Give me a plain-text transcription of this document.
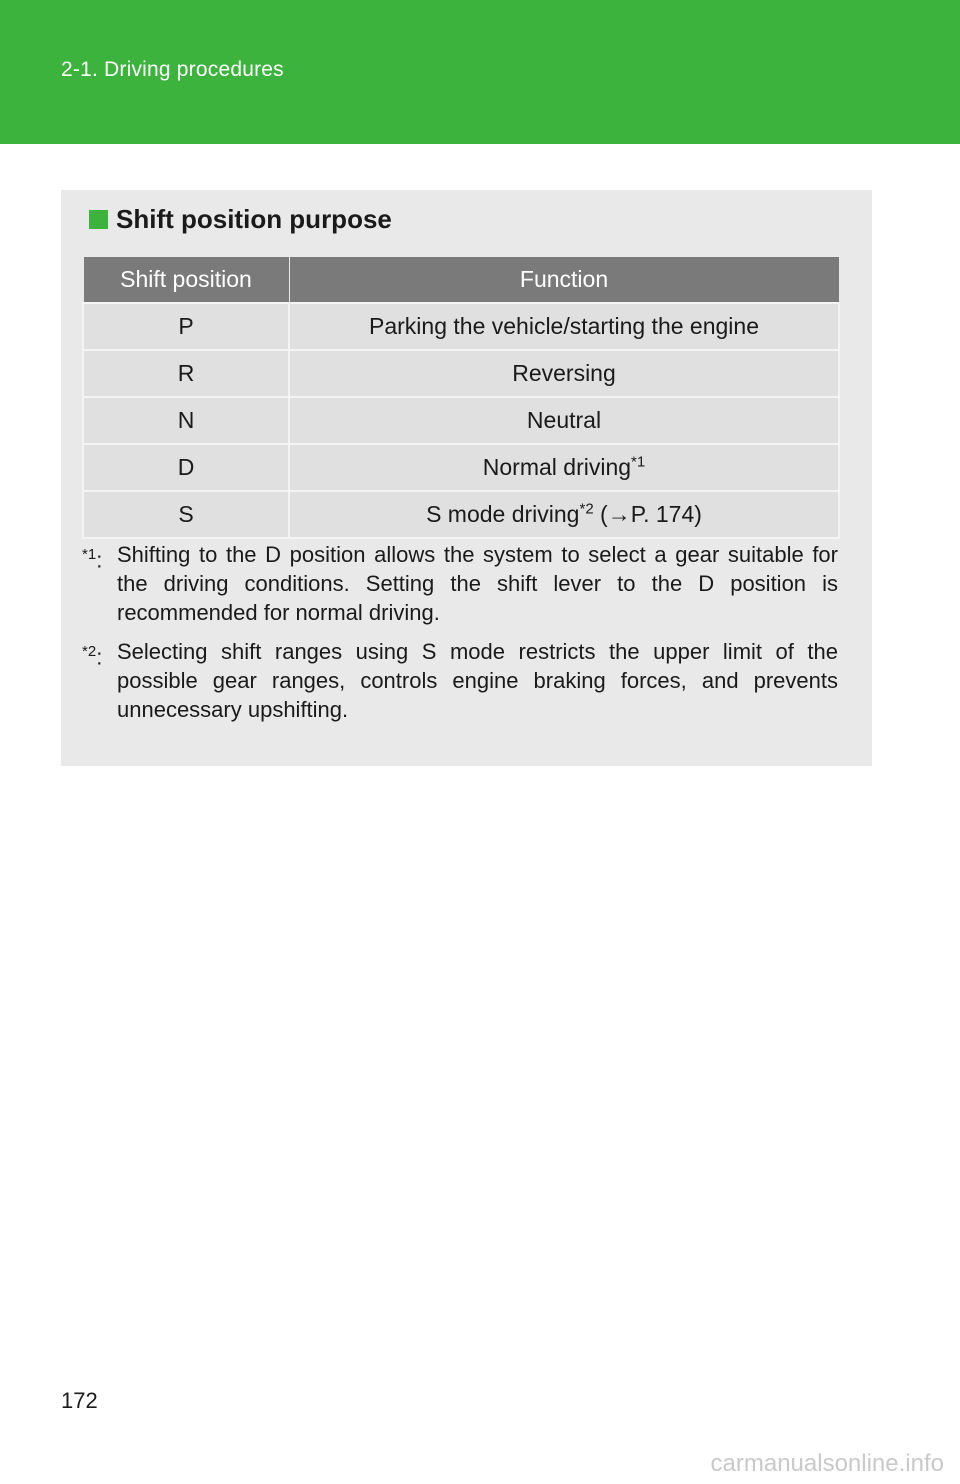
2-1. Driving procedures
Shift position purpose
Shift position	Function
P	Parking the vehicle/starting the engine
R	Reversing
N	Neutral
D	Normal driving$^{*1}$
S	S mode driving$^{*2}$ (→P. 174)
$^{*1}$: Shifting to the D position allows the system to select a gear suitable for the driving conditions. Setting the shift lever to the D position is recommended for normal driving.
$^{*2}$: Selecting shift ranges using S mode restricts the upper limit of the possible gear ranges, controls engine braking forces, and prevents unnecessary upshifting.
172
carmanualsonline.info
